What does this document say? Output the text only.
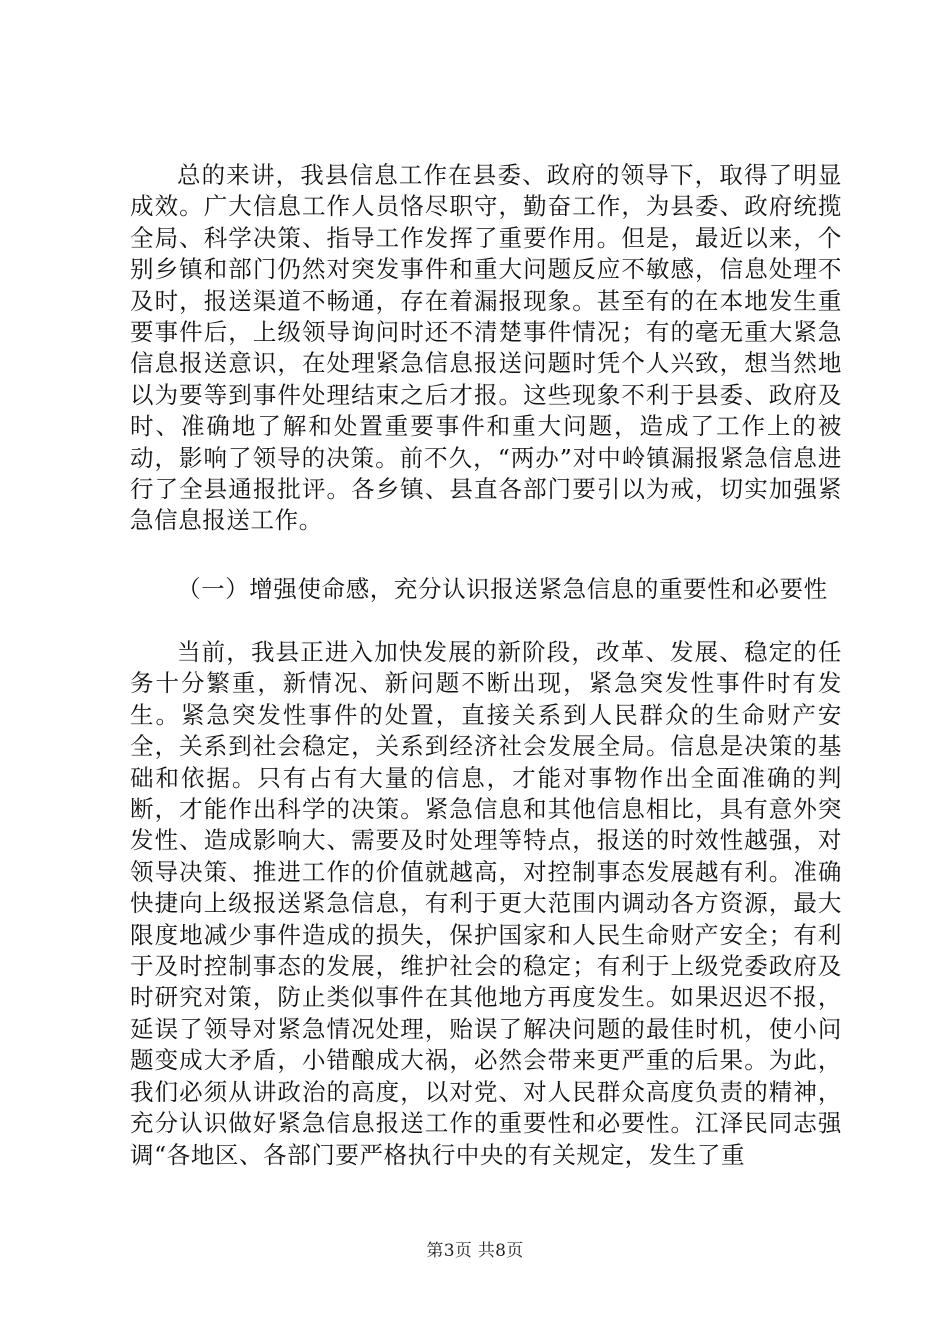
总的来讲，我县信息工作在县委、政府的领导下，取得了明显成效。广大信息工作人员恪尽职守，勤奋工作，为县委、政府统揽全局、科学决策、指导工作发挥了重要作用。但是，最近以来，个别乡镇和部门仍然对突发事件和重大问题反应不敏感，信息处理不及时，报送渠道不畅通，存在着漏报现象。甚至有的在本地发生重要事件后，上级领导询问时还不清楚事件情况；有的毫无重大紧急信息报送意识，在处理紧急信息报送问题时凭个人兴致，想当然地以为要等到事件处理结束之后才报。这些现象不利于县委、政府及时、准确地了解和处置重要事件和重大问题，造成了工作上的被动，影响了领导的决策。前不久，“两办”对中岭镇漏报紧急信息进行了全县通报批评。各乡镇、县直各部门要引以为戒，切实加强紧急信息报送工作。

（一）增强使命感，充分认识报送紧急信息的重要性和必要性

当前，我县正进入加快发展的新阶段，改革、发展、稳定的任务十分繁重，新情况、新问题不断出现，紧急突发性事件时有发生。紧急突发性事件的处置，直接关系到人民群众的生命财产安全，关系到社会稳定，关系到经济社会发展全局。信息是决策的基础和依据。只有占有大量的信息，才能对事物作出全面准确的判断，才能作出科学的决策。紧急信息和其他信息相比，具有意外突发性、造成影响大、需要及时处理等特点，报送的时效性越强，对领导决策、推进工作的价值就越高，对控制事态发展越有利。准确快捷向上级报送紧急信息，有利于更大范围内调动各方资源，最大限度地减少事件造成的损失，保护国家和人民生命财产安全；有利于及时控制事态的发展，维护社会的稳定；有利于上级党委政府及时研究对策，防止类似事件在其他地方再度发生。如果迟迟不报，延误了领导对紧急情况处理，贻误了解决问题的最佳时机，使小问题变成大矛盾，小错酿成大祸，必然会带来更严重的后果。为此，我们必须从讲政治的高度，以对党、对人民群众高度负责的精神，充分认识做好紧急信息报送工作的重要性和必要性。江泽民同志强调“各地区、各部门要严格执行中央的有关规定，发生了重

第3页 共8页
